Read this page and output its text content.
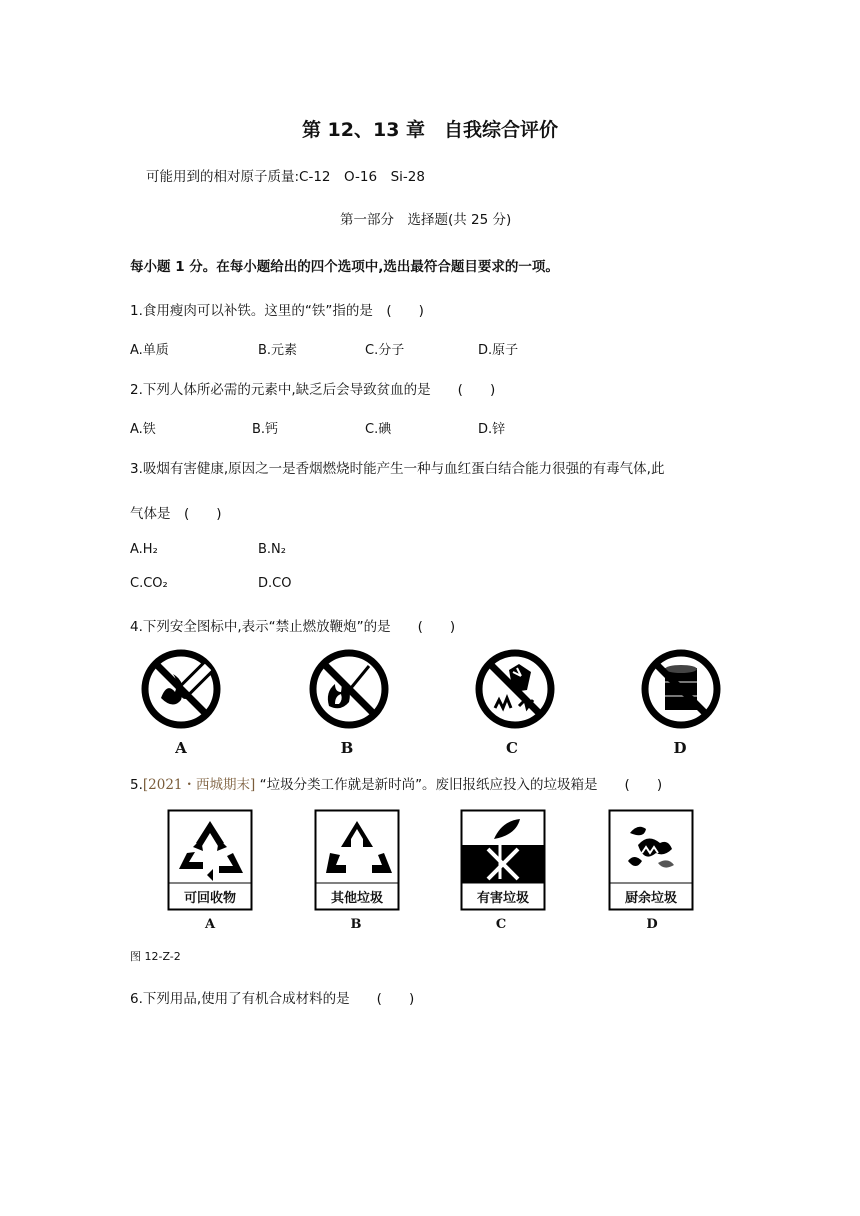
第 12、13 章　自我综合评价
可能用到的相对原子质量:C-12　O-16　Si-28
第一部分　选择题(共 25 分)
每小题 1 分。在每小题给出的四个选项中,选出最符合题目要求的一项。
1.食用瘦肉可以补铁。这里的“铁”指的是　(　　)
A.单质	B.元素	C.分子	D.原子
2.下列人体所必需的元素中,缺乏后会导致贫血的是　　(　　)
A.铁	B.钙	C.碘	D.锌
3.吸烟有害健康,原因之一是香烟燃烧时能产生一种与血红蛋白结合能力很强的有毒气体,此
气体是　(　　)
A.H₂	B.N₂
C.CO₂	D.CO
4.下列安全图标中,表示“禁止燃放鞭炮”的是　　(　　)
A	B	C	D
5.[2021・西城期末] “垃圾分类工作就是新时尚”。废旧报纸应投入的垃圾箱是　　(　　)
可回收物	其他垃圾	有害垃圾	厨余垃圾
A	B	C	D
图 12-Z-2
6.下列用品,使用了有机合成材料的是　　(　　)
